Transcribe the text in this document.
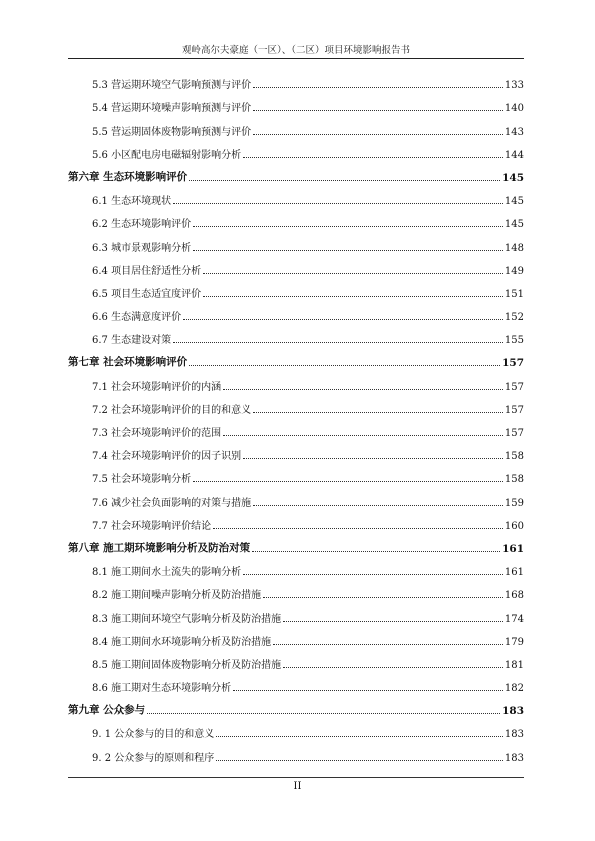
观岭高尔夫豪庭（一区）、（二区）项目环境影响报告书
5.3 营运期环境空气影响预测与评价	133
5.4 营运期环境噪声影响预测与评价	140
5.5 营运期固体废物影响预测与评价	143
5.6 小区配电房电磁辐射影响分析	144
第六章 生态环境影响评价	145
6.1 生态环境现状	145
6.2 生态环境影响评价	145
6.3 城市景观影响分析	148
6.4 项目居住舒适性分析	149
6.5 项目生态适宜度评价	151
6.6 生态满意度评价	152
6.7 生态建设对策	155
第七章 社会环境影响评价	157
7.1 社会环境影响评价的内涵	157
7.2 社会环境影响评价的目的和意义	157
7.3 社会环境影响评价的范围	157
7.4 社会环境影响评价的因子识别	158
7.5 社会环境影响分析	158
7.6 减少社会负面影响的对策与措施	159
7.7 社会环境影响评价结论	160
第八章 施工期环境影响分析及防治对策	161
8.1 施工期间水土流失的影响分析	161
8.2 施工期间噪声影响分析及防治措施	168
8.3 施工期间环境空气影响分析及防治措施	174
8.4 施工期间水环境影响分析及防治措施	179
8.5 施工期间固体废物影响分析及防治措施	181
8.6 施工期对生态环境影响分析	182
第九章 公众参与	183
9. 1 公众参与的目的和意义	183
9. 2 公众参与的原则和程序	183
II
